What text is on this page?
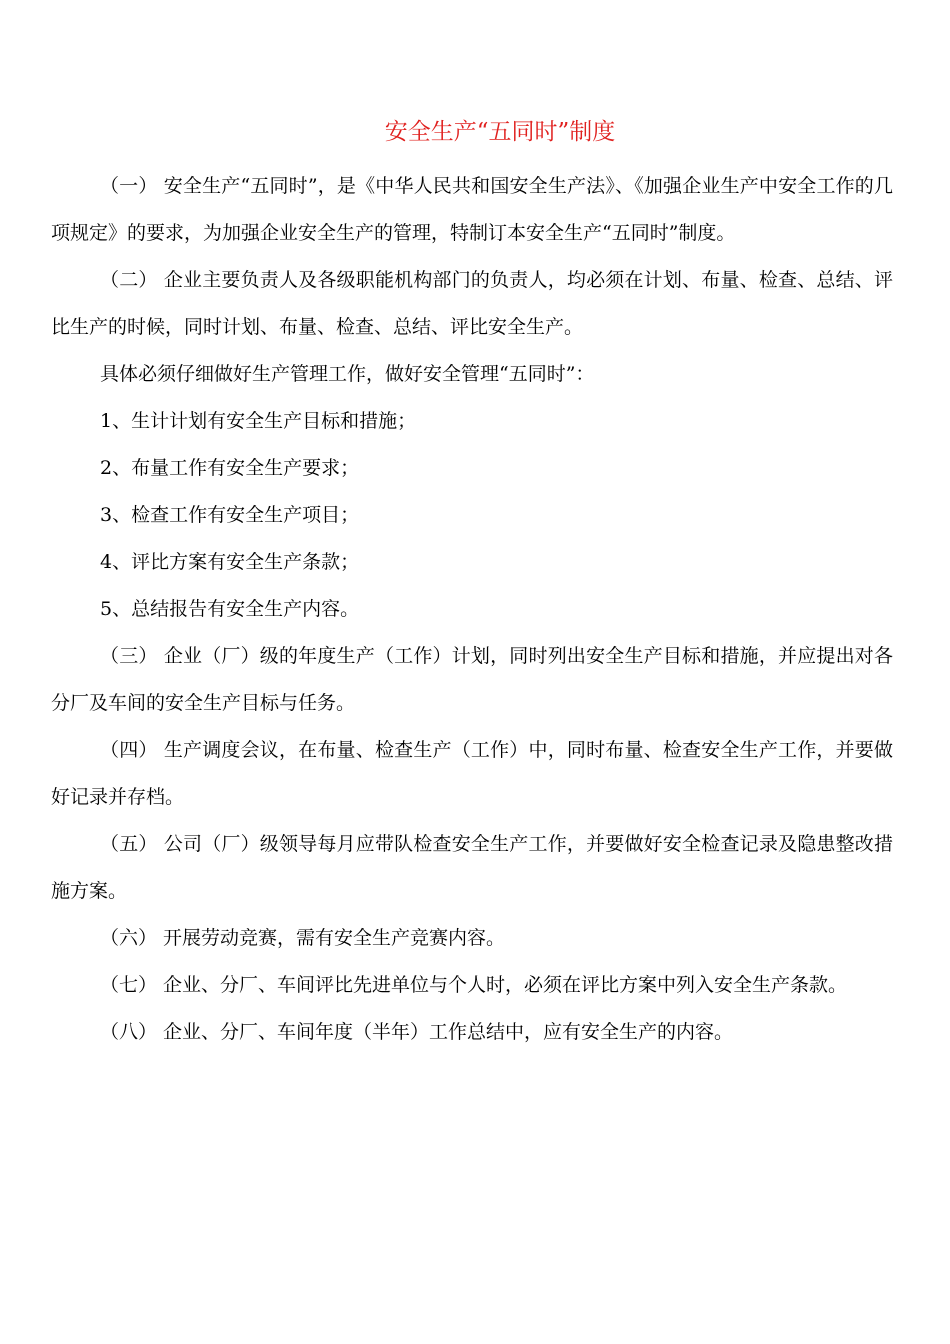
安全生产“五同时”制度

（一） 安全生产“五同时”，是《中华人民共和国安全生产法》、《加强企业生产中安全工作的几项规定》的要求，为加强企业安全生产的管理，特制订本安全生产“五同时”制度。

（二） 企业主要负责人及各级职能机构部门的负责人，均必须在计划、布量、检查、总结、评比生产的时候，同时计划、布量、检查、总结、评比安全生产。

具体必须仔细做好生产管理工作，做好安全管理“五同时”：

1、生计计划有安全生产目标和措施；

2、布量工作有安全生产要求；

3、检查工作有安全生产项目；

4、评比方案有安全生产条款；

5、总结报告有安全生产内容。

（三） 企业（厂）级的年度生产（工作）计划，同时列出安全生产目标和措施，并应提出对各分厂及车间的安全生产目标与任务。

（四） 生产调度会议，在布量、检查生产（工作）中，同时布量、检查安全生产工作，并要做好记录并存档。

（五） 公司（厂）级领导每月应带队检查安全生产工作，并要做好安全检查记录及隐患整改措施方案。

（六） 开展劳动竞赛，需有安全生产竞赛内容。

（七） 企业、分厂、车间评比先进单位与个人时，必须在评比方案中列入安全生产条款。

（八） 企业、分厂、车间年度（半年）工作总结中，应有安全生产的内容。
